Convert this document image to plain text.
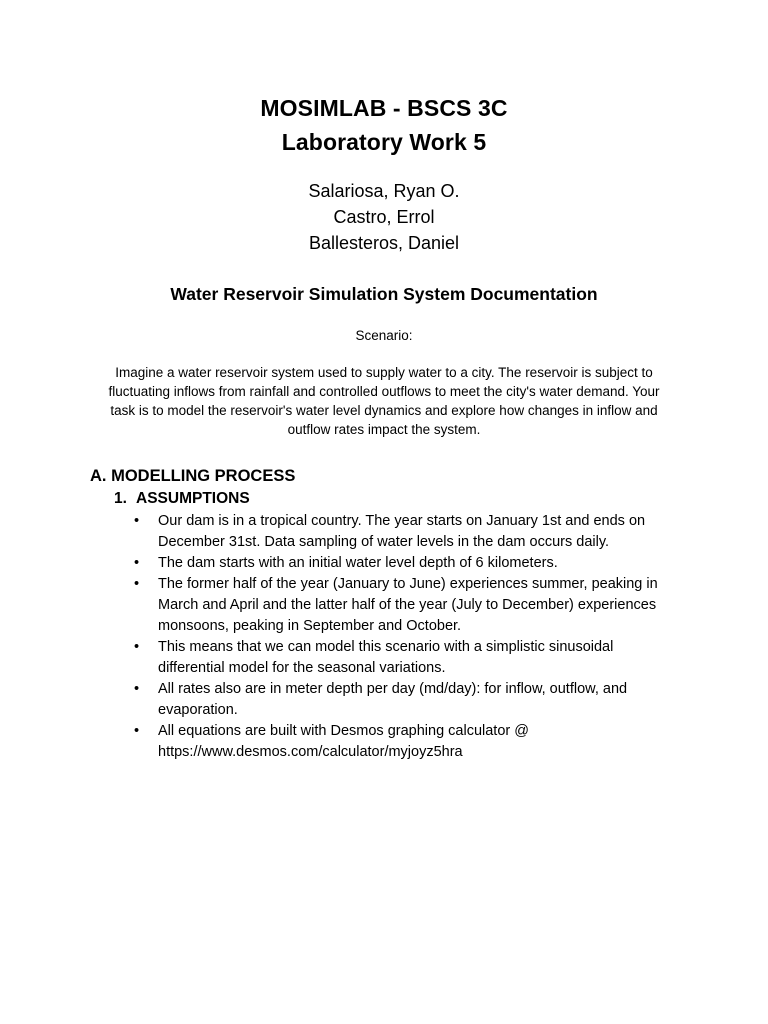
MOSIMLAB - BSCS 3C
Laboratory Work 5
Salariosa, Ryan O.
Castro, Errol
Ballesteros, Daniel
Water Reservoir Simulation System Documentation
Scenario:
Imagine a water reservoir system used to supply water to a city. The reservoir is subject to fluctuating inflows from rainfall and controlled outflows to meet the city's water demand. Your task is to model the reservoir's water level dynamics and explore how changes in inflow and outflow rates impact the system.
A. MODELLING PROCESS
1. ASSUMPTIONS
•	Our dam is in a tropical country. The year starts on January 1st and ends on December 31st. Data sampling of water levels in the dam occurs daily.
•	The dam starts with an initial water level depth of 6 kilometers.
•	The former half of the year (January to June) experiences summer, peaking in March and April and the latter half of the year (July to December) experiences monsoons, peaking in September and October.
•	This means that we can model this scenario with a simplistic sinusoidal differential model for the seasonal variations.
•	All rates also are in meter depth per day (md/day): for inflow, outflow, and evaporation.
•	All equations are built with Desmos graphing calculator @ https://www.desmos.com/calculator/myjoyz5hra
